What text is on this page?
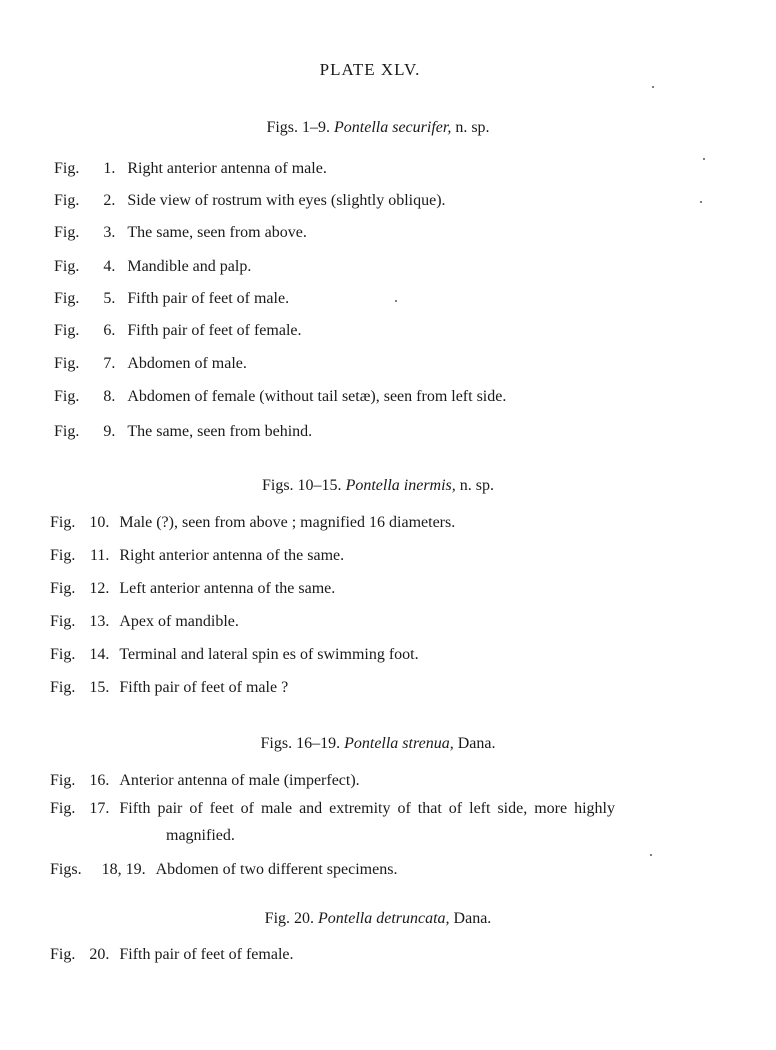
PLATE XLV.
Figs. 1–9. Pontella securifer, n. sp.
Fig. 1. Right anterior antenna of male.
Fig. 2. Side view of rostrum with eyes (slightly oblique).
Fig. 3. The same, seen from above.
Fig. 4. Mandible and palp.
Fig. 5. Fifth pair of feet of male.
Fig. 6. Fifth pair of feet of female.
Fig. 7. Abdomen of male.
Fig. 8. Abdomen of female (without tail setæ), seen from left side.
Fig. 9. The same, seen from behind.
Figs. 10–15. Pontella inermis, n. sp.
Fig. 10. Male (?), seen from above ; magnified 16 diameters.
Fig. 11. Right anterior antenna of the same.
Fig. 12. Left anterior antenna of the same.
Fig. 13. Apex of mandible.
Fig. 14. Terminal and lateral spin es of swimming foot.
Fig. 15. Fifth pair of feet of male ?
Figs. 16–19. Pontella strenua, Dana.
Fig. 16. Anterior antenna of male (imperfect).
Fig. 17. Fifth pair of feet of male and extremity of that of left side, more highly
magnified.
Figs. 18, 19. Abdomen of two different specimens.
Fig. 20. Pontella detruncata, Dana.
Fig. 20. Fifth pair of feet of female.
